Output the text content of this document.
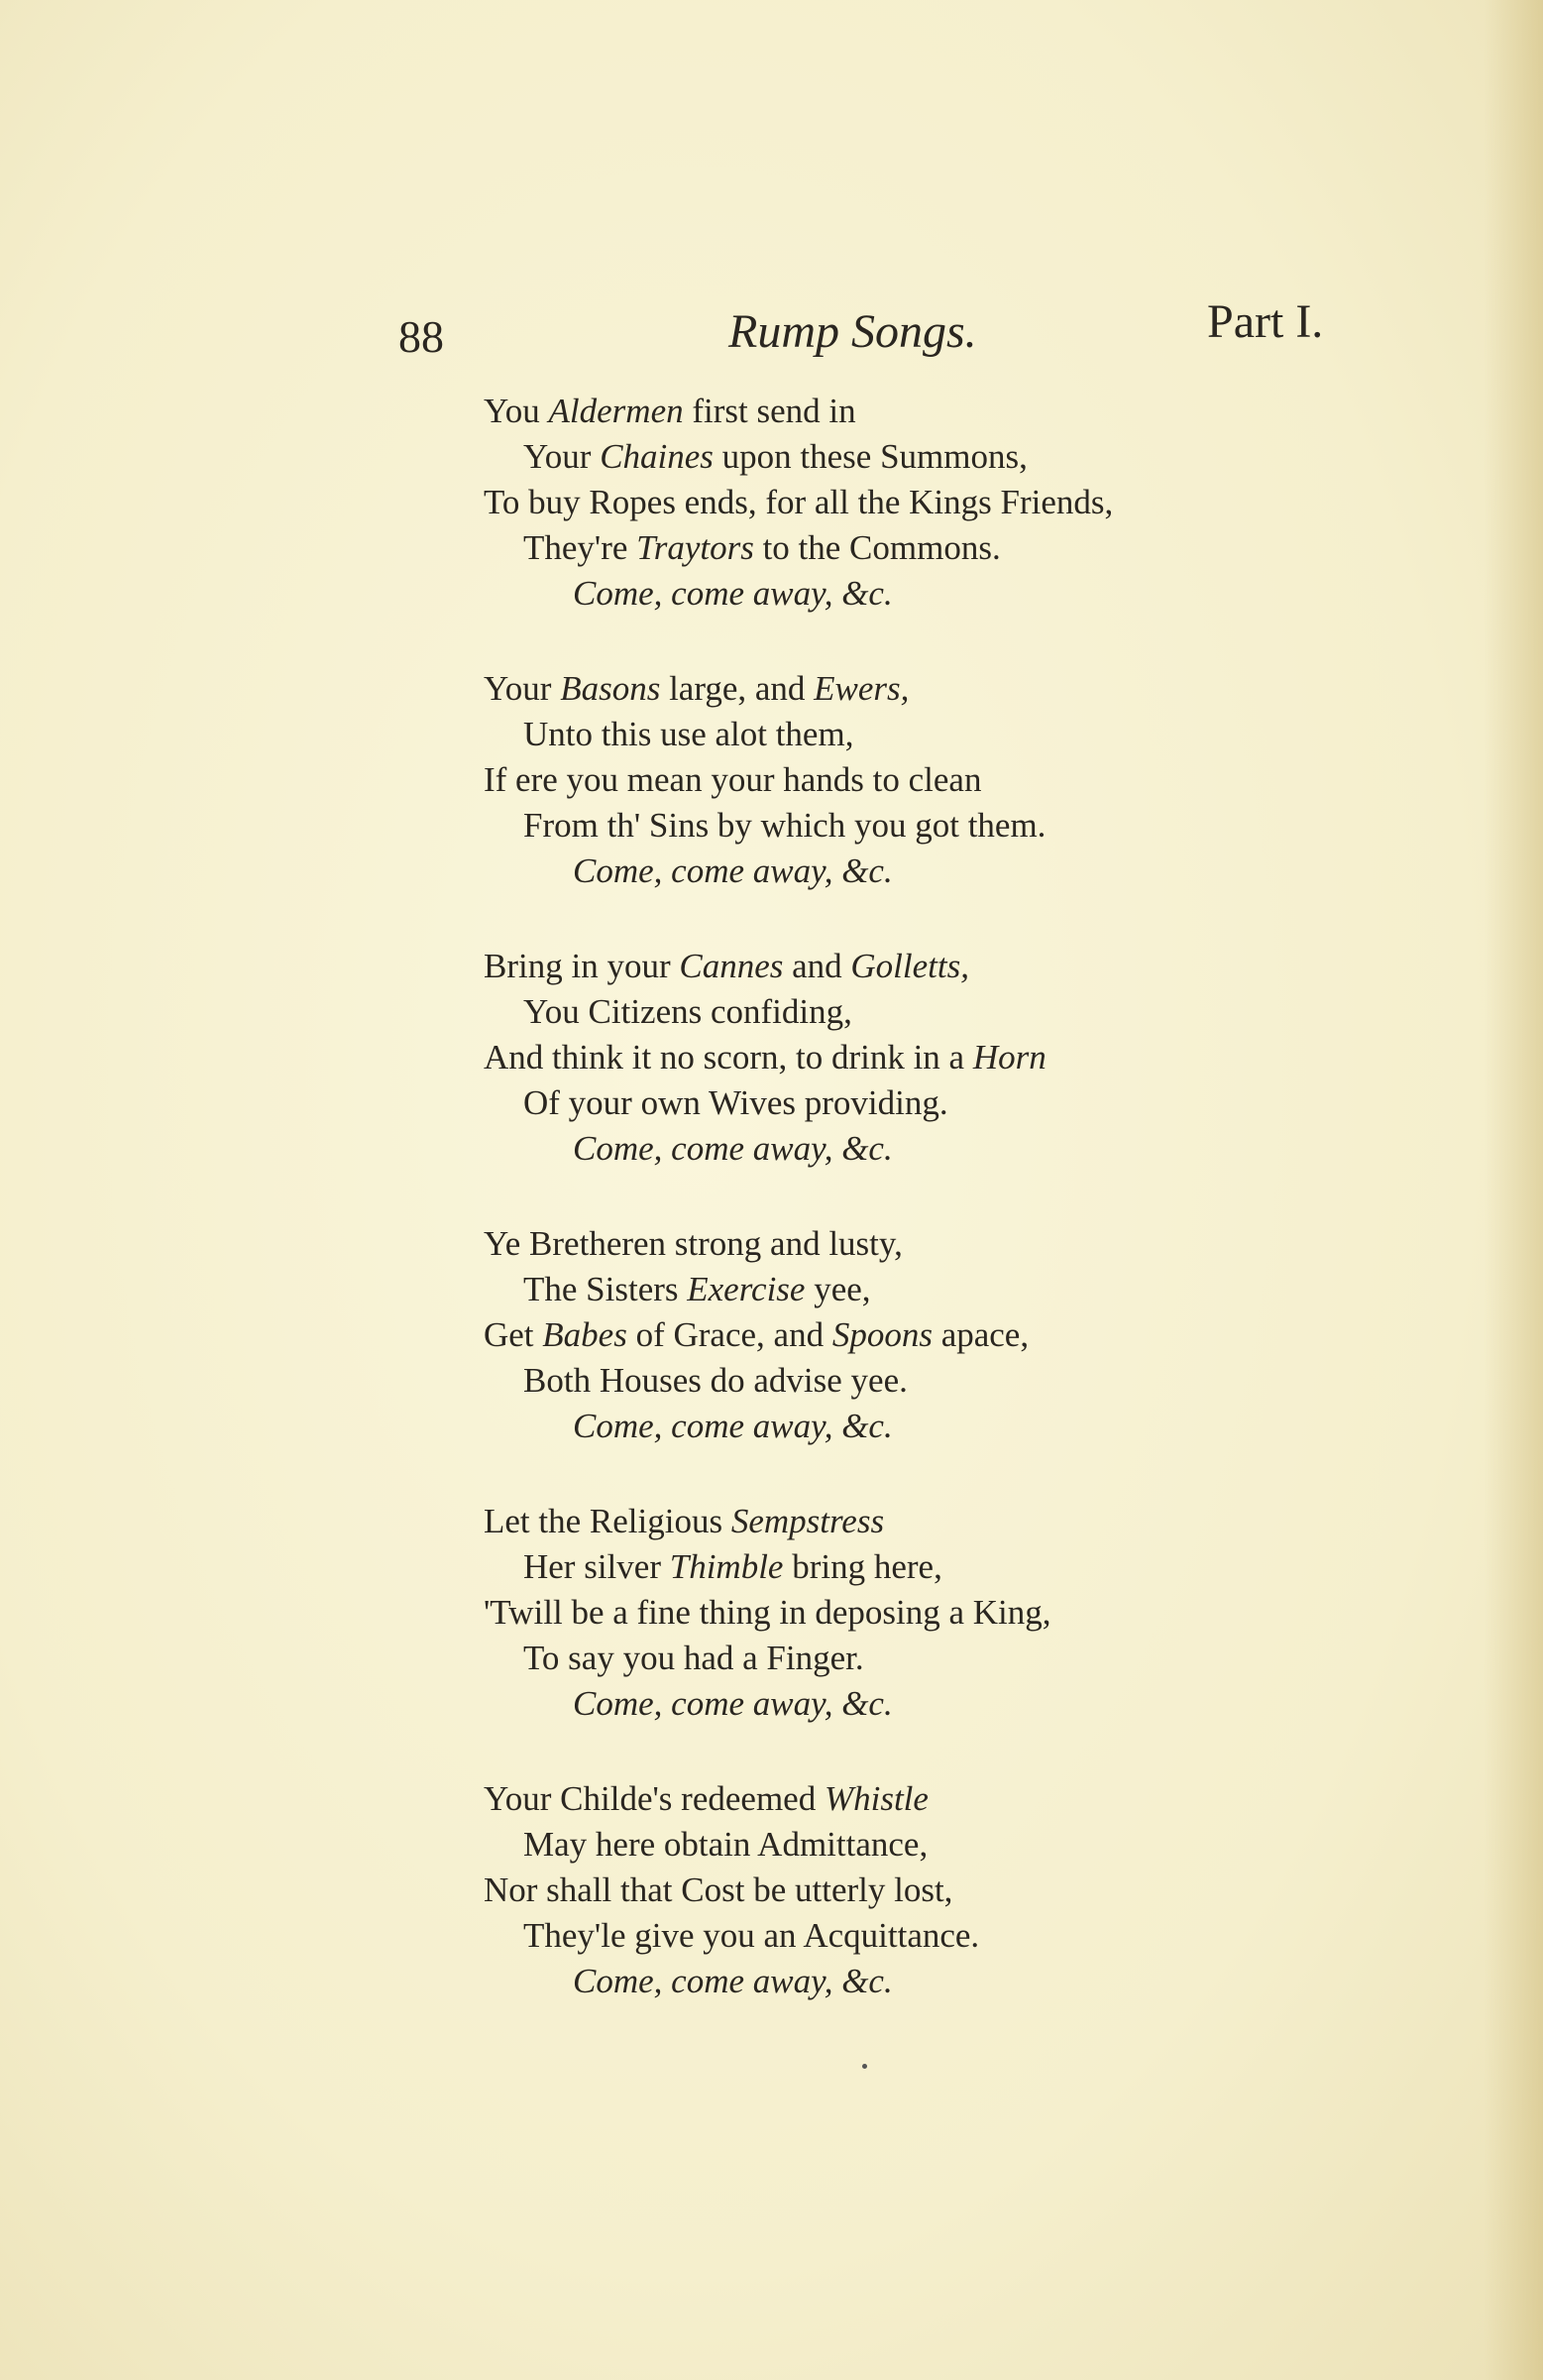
88	Rump Songs.	Part I.
You Aldermen first send in
Your Chaines upon these Summons,
To buy Ropes ends, for all the Kings Friends,
They're Traytors to the Commons.
Come, come away, &c.
Your Basons large, and Ewers,
Unto this use alot them,
If ere you mean your hands to clean
From th' Sins by which you got them.
Come, come away, &c.
Bring in your Cannes and Golletts,
You Citizens confiding,
And think it no scorn, to drink in a Horn
Of your own Wives providing.
Come, come away, &c.
Ye Bretheren strong and lusty,
The Sisters Exercise yee,
Get Babes of Grace, and Spoons apace,
Both Houses do advise yee.
Come, come away, &c.
Let the Religious Sempstress
Her silver Thimble bring here,
'Twill be a fine thing in deposing a King,
To say you had a Finger.
Come, come away, &c.
Your Childe's redeemed Whistle
May here obtain Admittance,
Nor shall that Cost be utterly lost,
They'le give you an Acquittance.
Come, come away, &c.
